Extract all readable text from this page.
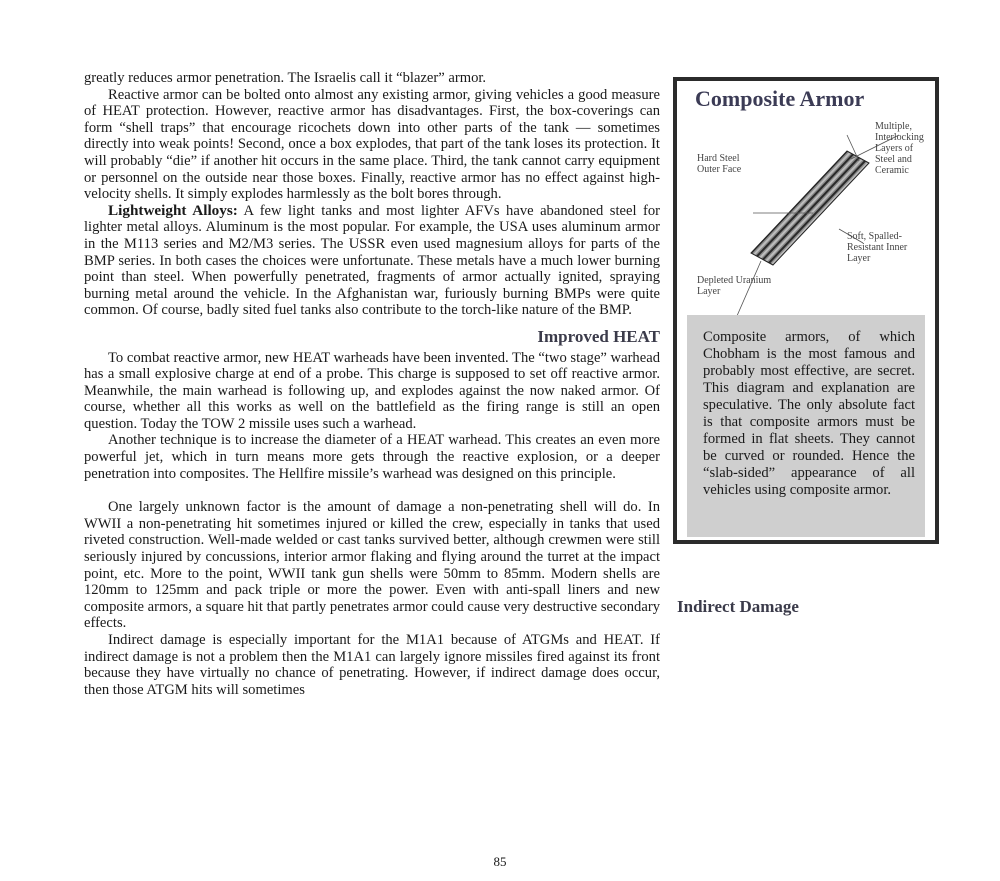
greatly reduces armor penetration. The Israelis call it “blazer” armor.

Reactive armor can be bolted onto almost any existing armor, giving vehicles a good measure of HEAT protection. However, reactive armor has disadvantages. First, the box-coverings can form “shell traps” that encourage ricochets down into other parts of the tank — sometimes directly into weak points! Second, once a box explodes, that part of the tank loses its protection. It will probably “die” if another hit occurs in the same place. Third, the tank cannot carry equipment or personnel on the outside near those boxes. Finally, reactive armor has no effect against high-velocity shells. It simply explodes harmlessly as the bolt bores through.

Lightweight Alloys: A few light tanks and most lighter AFVs have abandoned steel for lighter metal alloys. Aluminum is the most popular. For example, the USA uses aluminum armor in the M113 series and M2/M3 series. The USSR even used magnesium alloys for parts of the BMP series. In both cases the choices were unfortunate. These metals have a much lower burning point than steel. When powerfully penetrated, fragments of armor actually ignited, spraying burning metal around the vehicle. In the Afghanistan war, furiously burning BMPs were quite common. Of course, badly sited fuel tanks also contribute to the torch-like nature of the BMP.

Improved HEAT

To combat reactive armor, new HEAT warheads have been invented. The “two stage” warhead has a small explosive charge at end of a probe. This charge is supposed to set off reactive armor. Meanwhile, the main warhead is following up, and explodes against the now naked armor. Of course, whether all this works as well on the battlefield as the firing range is still an open question. Today the TOW 2 missile uses such a warhead.

Another technique is to increase the diameter of a HEAT warhead. This creates an even more powerful jet, which in turn means more gets through the reactive explosion, or a deeper penetration into composites. The Hellfire missile’s warhead was designed on this principle.

One largely unknown factor is the amount of damage a non-penetrating shell will do. In WWII a non-penetrating hit sometimes injured or killed the crew, especially in tanks that used riveted construction. Well-made welded or cast tanks survived better, although crewmen were still seriously injured by concussions, interior armor flaking and flying around the turret at the impact point, etc. More to the point, WWII tank gun shells were 50mm to 85mm. Modern shells are 120mm to 125mm and pack triple or more the power. Even with anti-spall liners and new composite armors, a square hit that partly penetrates armor could cause very destructive secondary effects.

Indirect damage is especially important for the M1A1 because of ATGMs and HEAT. If indirect damage is not a problem then the M1A1 can largely ignore missiles fired against its front because they have virtually no chance of penetrating. However, if indirect damage does occur, then those ATGM hits will sometimes

Composite Armor
Multiple,
Interlocking
Layers of
Steel and
Ceramic
Hard Steel
Outer Face
Soft, Spalled-
Resistant Inner
Layer
Depleted Uranium
Layer
Composite armors, of which Chobham is the most famous and probably most effective, are secret. This diagram and explanation are speculative. The only absolute fact is that composite armors must be formed in flat sheets. They cannot be curved or rounded. Hence the “slab-sided” appearance of all vehicles using composite armor.
Indirect Damage
85
